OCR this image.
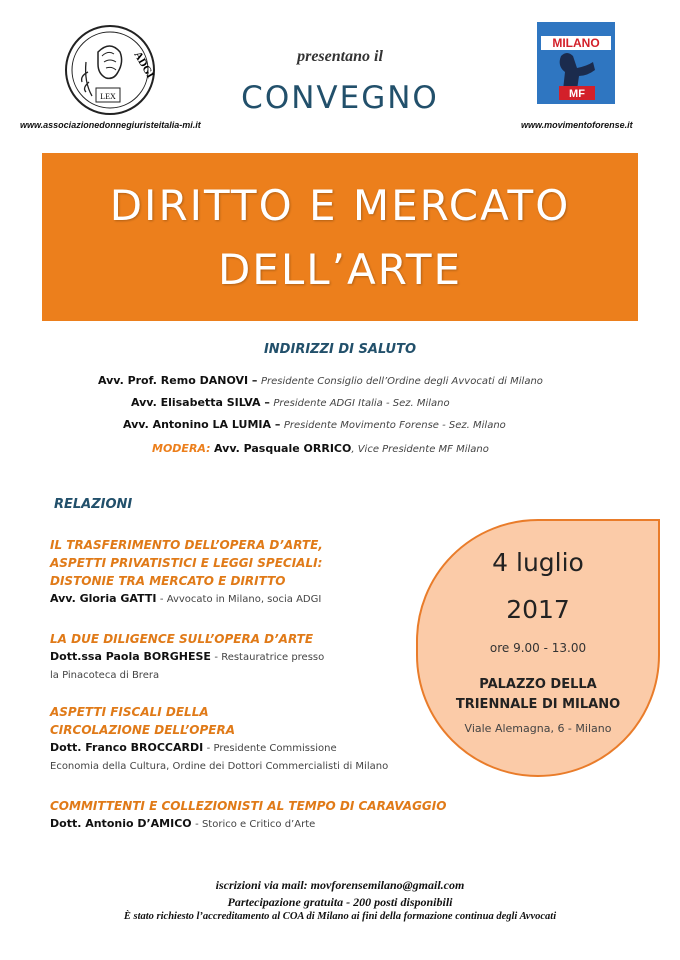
LEX
ADGI
MILANO
MF
presentano il
CONVEGNO
www.associazionedonnegiuristeitalia-mi.it	www.movimentoforense.it
DIRITTO E MERCATO
DELL’ARTE
INDIRIZZI DI SALUTO
Avv. Prof. Remo DANOVI – Presidente Consiglio dell’Ordine degli Avvocati di Milano
Avv. Elisabetta SILVA – Presidente ADGI Italia - Sez. Milano
Avv. Antonino LA LUMIA – Presidente Movimento Forense - Sez. Milano
MODERA: Avv. Pasquale ORRICO, Vice Presidente MF Milano
4 luglio
2017
ore 9.00 - 13.00
PALAZZO DELLA
TRIENNALE DI MILANO
Viale Alemagna, 6 - Milano
RELAZIONI
IL TRASFERIMENTO DELL’OPERA D’ARTE,
ASPETTI PRIVATISTICI E LEGGI SPECIALI:
DISTONIE TRA MERCATO E DIRITTO
Avv. Gloria GATTI - Avvocato in Milano, socia ADGI
LA DUE DILIGENCE SULL’OPERA D’ARTE
Dott.ssa Paola BORGHESE - Restauratrice presso
la Pinacoteca di Brera
ASPETTI FISCALI DELLA
CIRCOLAZIONE DELL’OPERA
Dott. Franco BROCCARDI - Presidente Commissione
Economia della Cultura, Ordine dei Dottori Commercialisti di Milano
COMMITTENTI E COLLEZIONISTI AL TEMPO DI CARAVAGGIO
Dott. Antonio D’AMICO - Storico e Critico d’Arte
iscrizioni via mail: movforensemilano@gmail.com
Partecipazione gratuita - 200 posti disponibili
È stato richiesto l’accreditamento al COA di Milano ai fini della formazione continua degli Avvocati
